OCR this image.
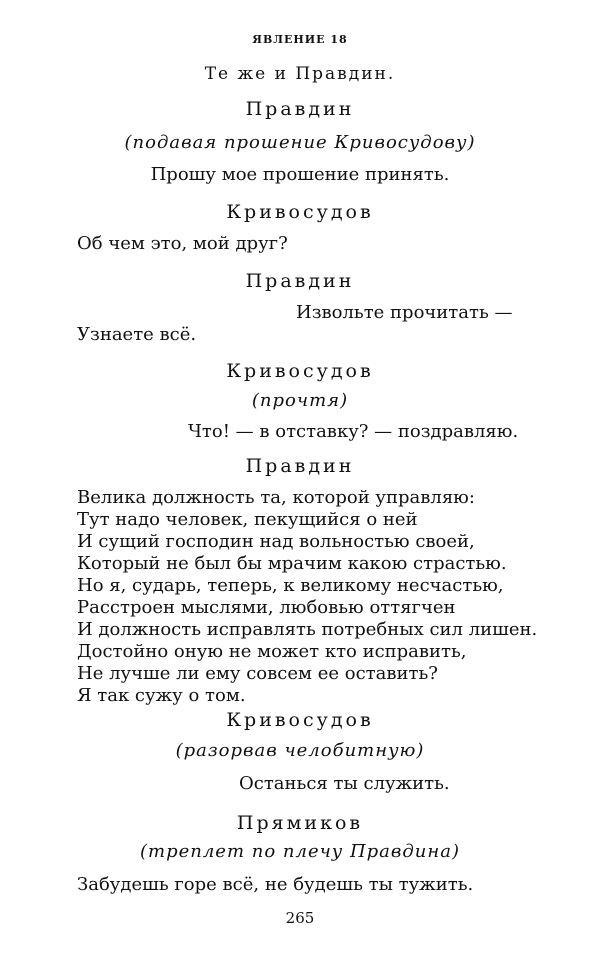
ЯВЛЕНИЕ 18
Те же и Правдин.
Правдин
(подавая прошение Кривосудову)
Прошу мое прошение принять.
Кривосудов
Об чем это, мой друг?
Правдин
Извольте прочитать —
Узнаете всё.
Кривосудов
(прочтя)
Что! — в отставку? — поздравляю.
Правдин
Велика должность та, которой управляю:
Тут надо человек, пекущийся о ней
И сущий господин над вольностью своей,
Который не был бы мрачим какою страстью.
Но я, сударь, теперь, к великому несчастью,
Расстроен мыслями, любовью оттягчен
И должность исправлять потребных сил лишен.
Достойно оную не может кто исправить,
Не лучше ли ему совсем ее оставить?
Я так сужу о том.
Кривосудов
(разорвав челобитную)
Останься ты служить.
Прямиков
(треплет по плечу Правдина)
Забудешь горе всё, не будешь ты тужить.
265
